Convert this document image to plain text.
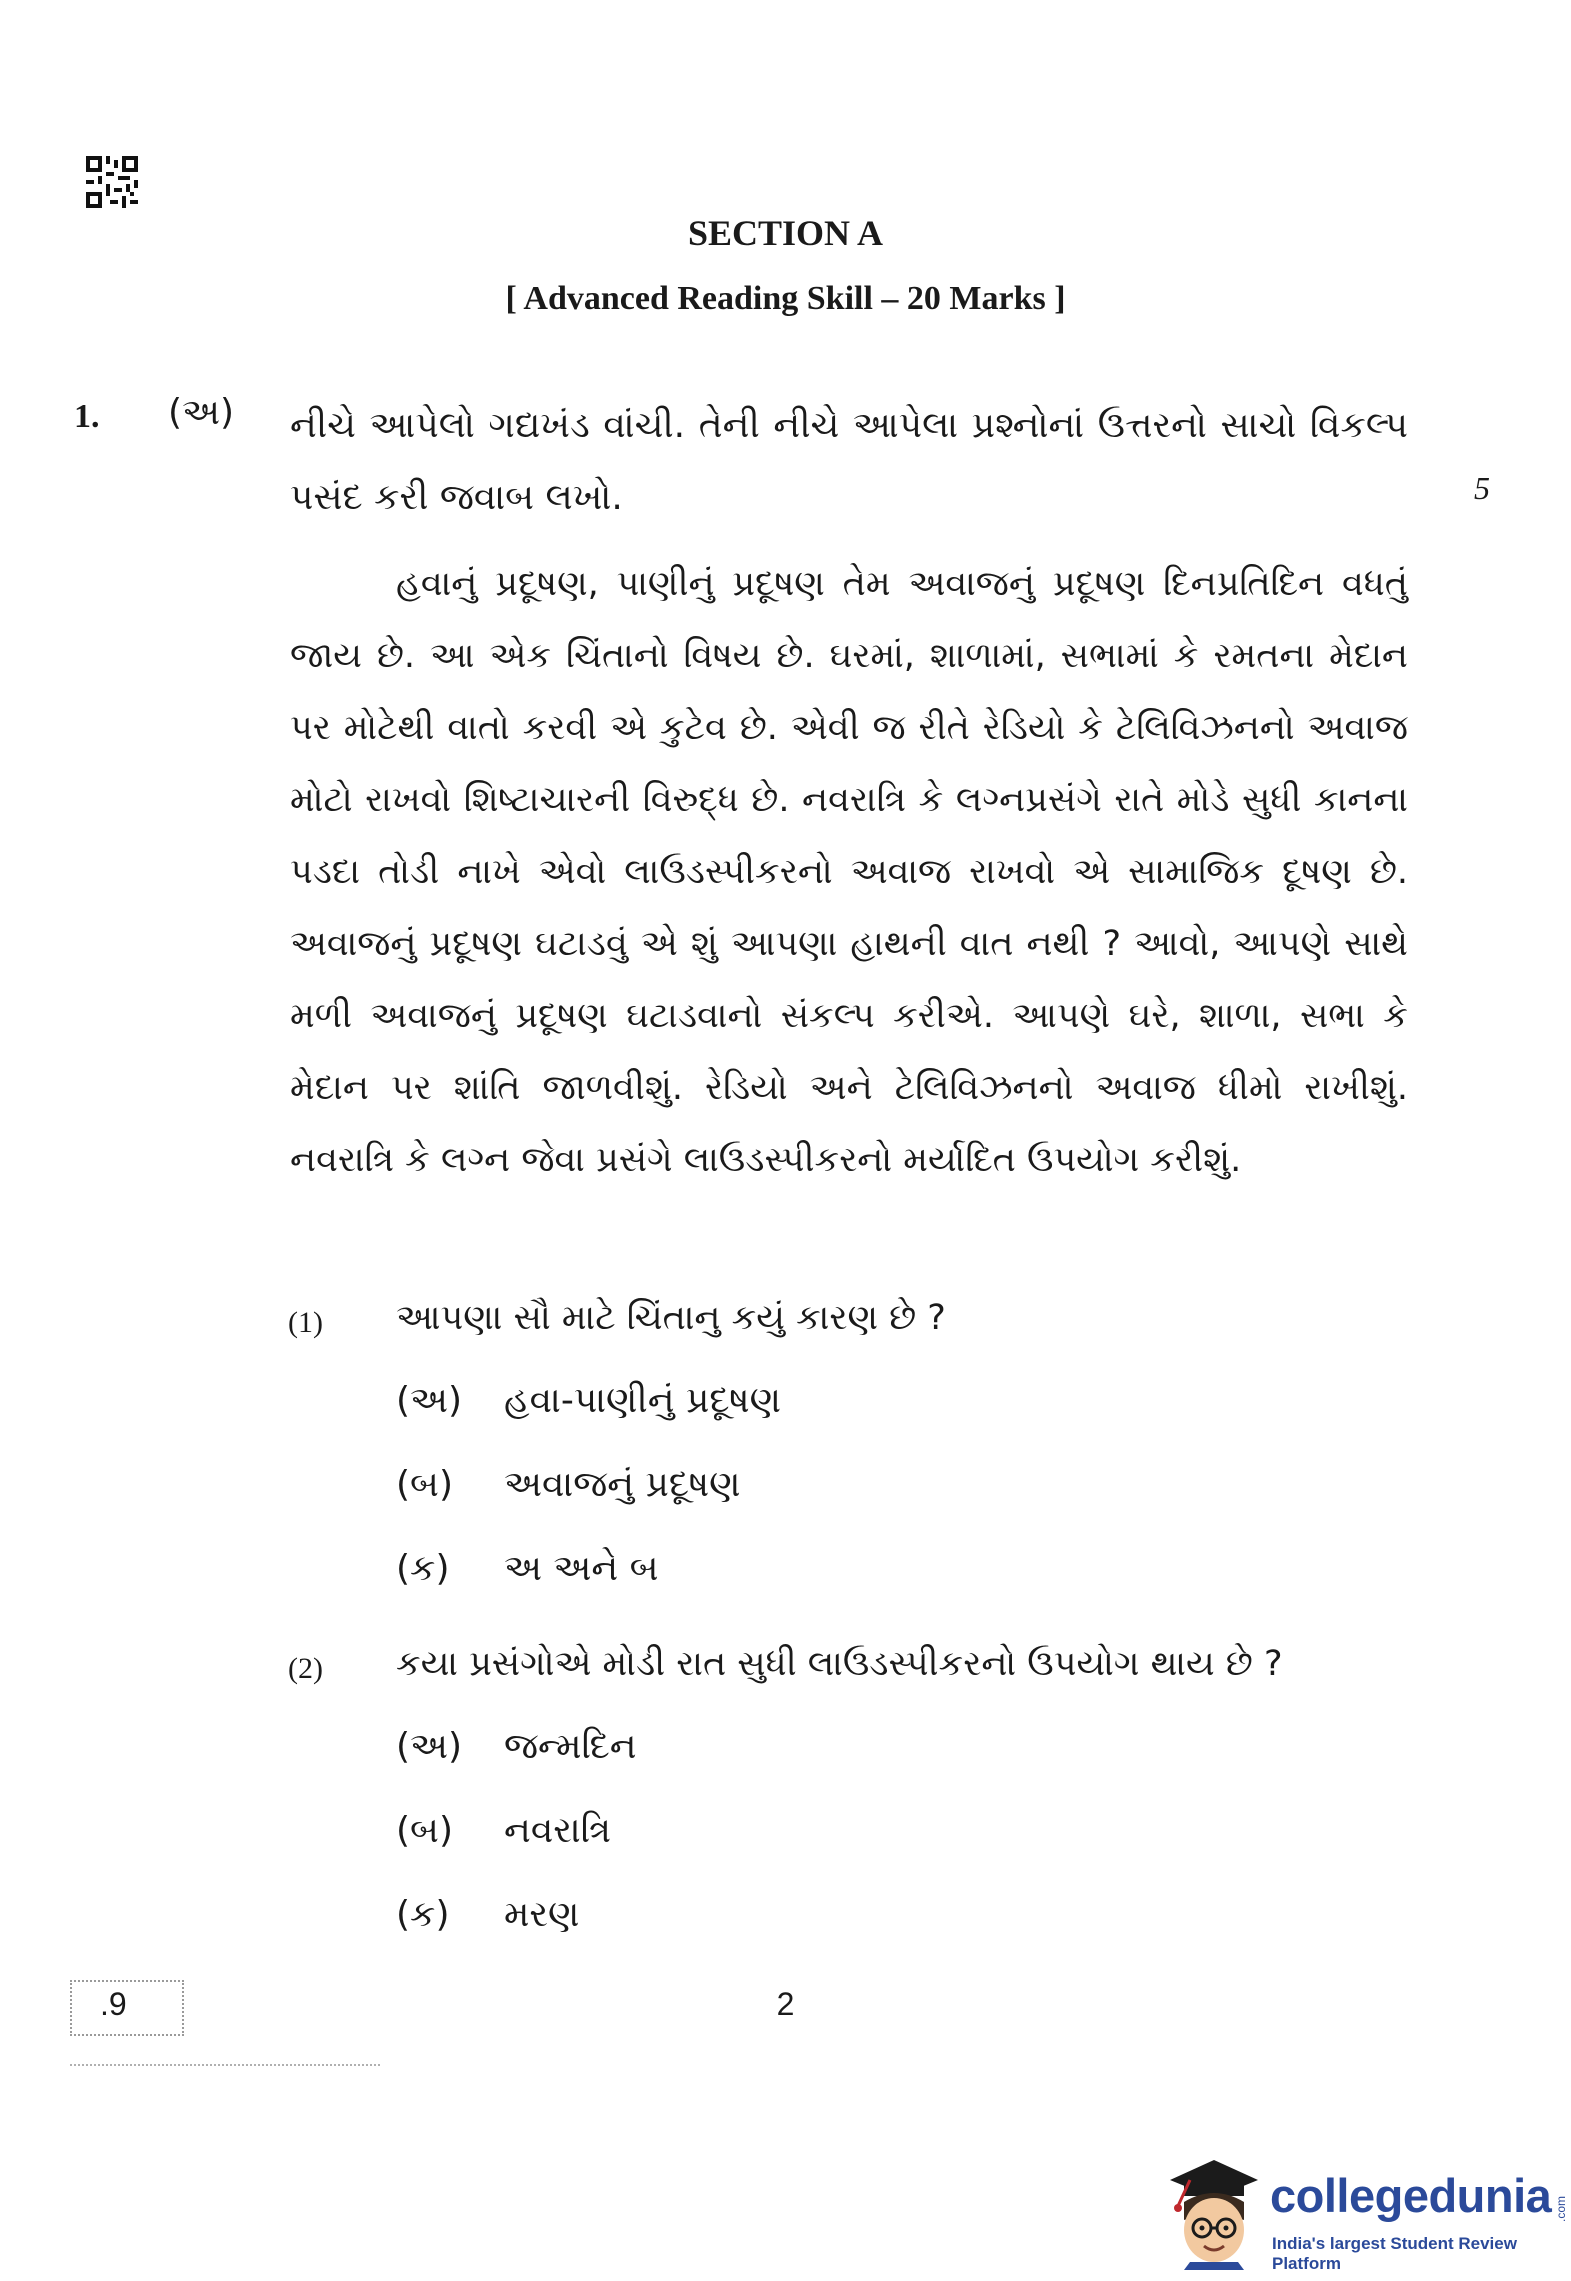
SECTION A
[ Advanced Reading Skill – 20 Marks ]
1. (અ) નીચે આપેલો ગદ્યખંડ વાંચી. તેની નીચે આપેલા પ્રશ્નોનાં ઉત્તરનો સાચો વિકલ્પ પસંદ કરી જવાબ લખો.	5
હવાનું પ્રદૂષણ, પાણીનું પ્રદૂષણ તેમ અવાજનું પ્રદૂષણ દિનપ્રતિદિન વધતું જાય છે. આ એક ચિંતાનો વિષય છે. ઘરમાં, શાળામાં, સભામાં કે રમતના મેદાન પર મોટેથી વાતો કરવી એ કુટેવ છે. એવી જ રીતે રેડિયો કે ટેલિવિઝનનો અવાજ મોટો રાખવો શિષ્ટાચારની વિરુદ્ધ છે. નવરાત્રિ કે લગ્નપ્રસંગે રાતે મોડે સુધી કાનના પડદા તોડી નાખે એવો લાઉડસ્પીકરનો અવાજ રાખવો એ સામાજિક દૂષણ છે. અવાજનું પ્રદૂષણ ઘટાડવું એ શું આપણા હાથની વાત નથી ? આવો, આપણે સાથે મળી અવાજનું પ્રદૂષણ ઘટાડવાનો સંકલ્પ કરીએ. આપણે ઘરે, શાળા, સભા કે મેદાન પર શાંતિ જાળવીશું. રેડિયો અને ટેલિવિઝનનો અવાજ ધીમો રાખીશું. નવરાત્રિ કે લગ્ન જેવા પ્રસંગે લાઉડસ્પીકરનો મર્યાદિત ઉપયોગ કરીશું.
(1) આપણા સૌ માટે ચિંતાનુ કયું કારણ છે ?
(અ) હવા-પાણીનું પ્રદૂષણ
(બ) અવાજનું પ્રદૂષણ
(ક) અ અને બ
(2) કયા પ્રસંગોએ મોડી રાત સુધી લાઉડસ્પીકરનો ઉપયોગ થાય છે ?
(અ) જન્મદિન
(બ) નવરાત્રિ
(ક) મરણ
.9	2
collegedunia .com
India's largest Student Review Platform
